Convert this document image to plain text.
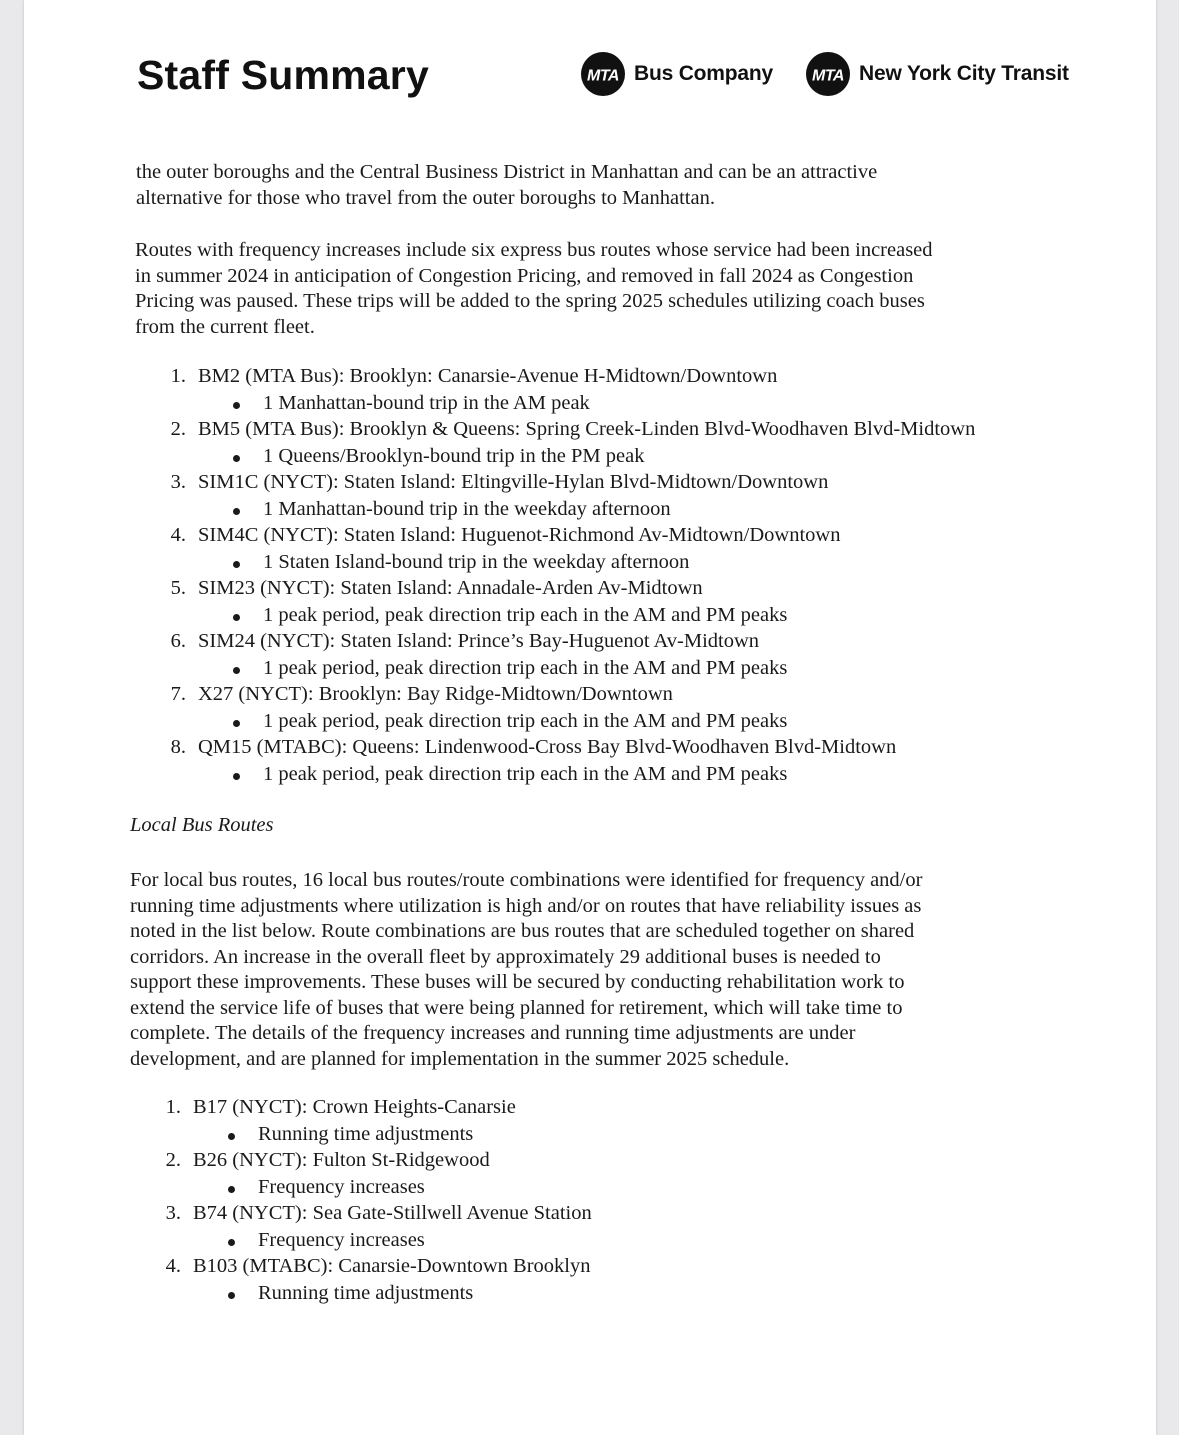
Staff Summary	MTA Bus Company MTA New York City Transit

the outer boroughs and the Central Business District in Manhattan and can be an attractive
alternative for those who travel from the outer boroughs to Manhattan.

Routes with frequency increases include six express bus routes whose service had been increased
in summer 2024 in anticipation of Congestion Pricing, and removed in fall 2024 as Congestion
Pricing was paused. These trips will be added to the spring 2025 schedules utilizing coach buses
from the current fleet.

1. BM2 (MTA Bus): Brooklyn: Canarsie-Avenue H-Midtown/Downtown
1 Manhattan-bound trip in the AM peak
2. BM5 (MTA Bus): Brooklyn & Queens: Spring Creek-Linden Blvd-Woodhaven Blvd-Midtown
1 Queens/Brooklyn-bound trip in the PM peak
3. SIM1C (NYCT): Staten Island: Eltingville-Hylan Blvd-Midtown/Downtown
1 Manhattan-bound trip in the weekday afternoon
4. SIM4C (NYCT): Staten Island: Huguenot-Richmond Av-Midtown/Downtown
1 Staten Island-bound trip in the weekday afternoon
5. SIM23 (NYCT): Staten Island: Annadale-Arden Av-Midtown
1 peak period, peak direction trip each in the AM and PM peaks
6. SIM24 (NYCT): Staten Island: Prince’s Bay-Huguenot Av-Midtown
1 peak period, peak direction trip each in the AM and PM peaks
7. X27 (NYCT): Brooklyn: Bay Ridge-Midtown/Downtown
1 peak period, peak direction trip each in the AM and PM peaks
8. QM15 (MTABC): Queens: Lindenwood-Cross Bay Blvd-Woodhaven Blvd-Midtown
1 peak period, peak direction trip each in the AM and PM peaks
Local Bus Routes

For local bus routes, 16 local bus routes/route combinations were identified for frequency and/or
running time adjustments where utilization is high and/or on routes that have reliability issues as
noted in the list below. Route combinations are bus routes that are scheduled together on shared
corridors. An increase in the overall fleet by approximately 29 additional buses is needed to
support these improvements. These buses will be secured by conducting rehabilitation work to
extend the service life of buses that were being planned for retirement, which will take time to
complete. The details of the frequency increases and running time adjustments are under
development, and are planned for implementation in the summer 2025 schedule.

1. B17 (NYCT): Crown Heights-Canarsie
Running time adjustments
2. B26 (NYCT): Fulton St-Ridgewood
Frequency increases
3. B74 (NYCT): Sea Gate-Stillwell Avenue Station
Frequency increases
4. B103 (MTABC): Canarsie-Downtown Brooklyn
Running time adjustments
